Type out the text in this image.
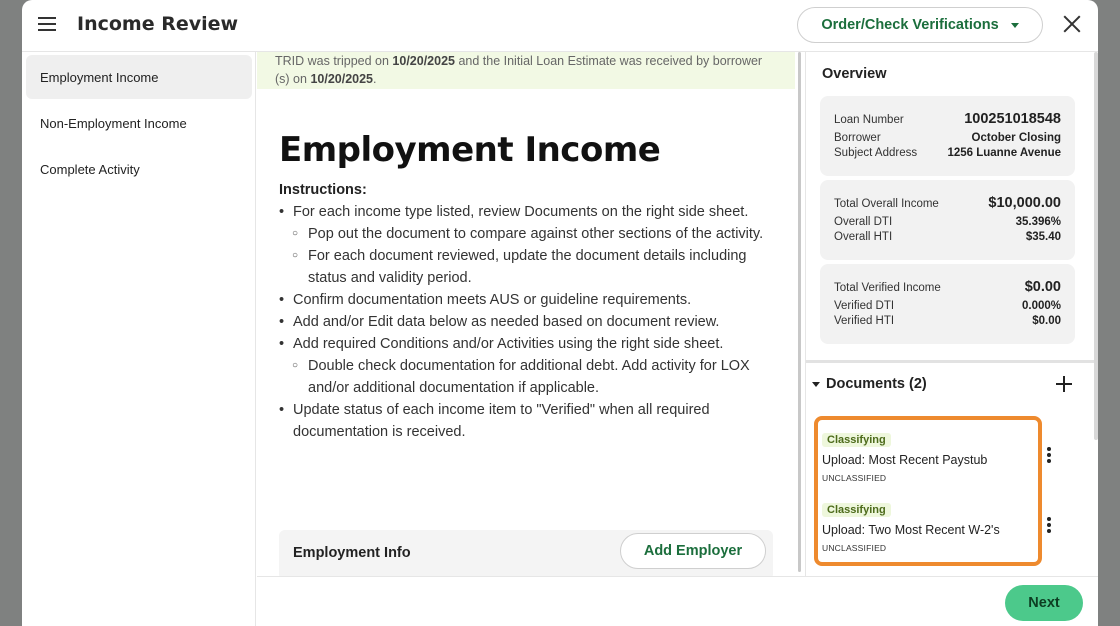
Income Review	Order/Check Verifications
Employment Income
Non-Employment Income
Complete Activity
TRID was tripped on 10/20/2025 and the Initial Loan Estimate was received by borrower (s) on 10/20/2025.
Employment Income
Instructions:
• For each income type listed, review Documents on the right side sheet.
○ Pop out the document to compare against other sections of the activity.
○ For each document reviewed, update the document details including status and validity period.
• Confirm documentation meets AUS or guideline requirements.
• Add and/or Edit data below as needed based on document review.
• Add required Conditions and/or Activities using the right side sheet.
○ Double check documentation for additional debt. Add activity for LOX and/or additional documentation if applicable.
• Update status of each income item to "Verified" when all required documentation is received.
Employment Info	Add Employer
Overview
Loan Number	100251018548
Borrower	October Closing
Subject Address	1256 Luanne Avenue
Total Overall Income	$10,000.00
Overall DTI	35.396%
Overall HTI	$35.40
Total Verified Income	$0.00
Verified DTI	0.000%
Verified HTI	$0.00
Documents (2)
Classifying
Upload: Most Recent Paystub
UNCLASSIFIED
Classifying
Upload: Two Most Recent W-2's
UNCLASSIFIED
Next
